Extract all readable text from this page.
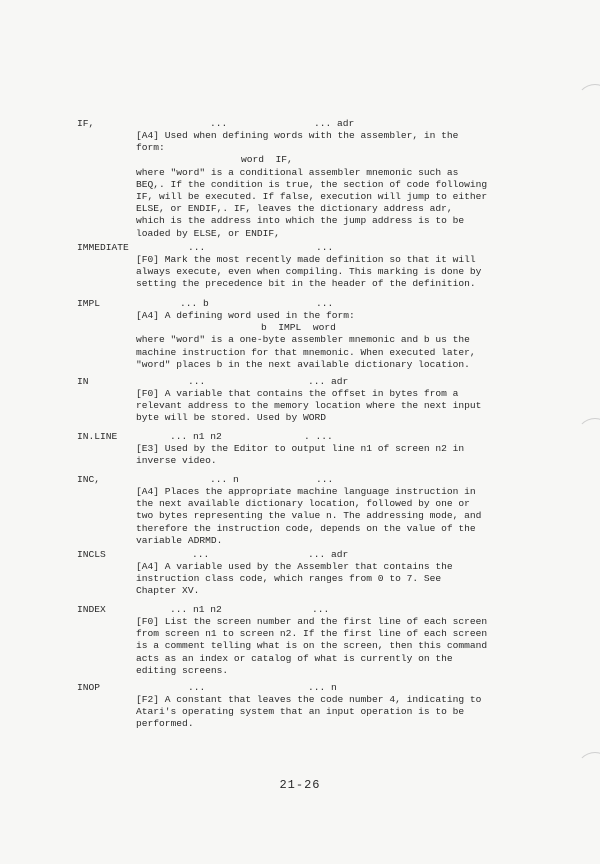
IF,	...	... adr

[A4] Used when defining words with the assembler, in the

form:

word  IF,

where "word" is a conditional assembler mnemonic such as

BEQ,. If the condition is true, the section of code following

IF, will be executed. If false, execution will jump to either

ELSE, or ENDIF,. IF, leaves the dictionary address adr,

which is the address into which the jump address is to be

loaded by ELSE, or ENDIF,

IMMEDIATE	...	...

[F0] Mark the most recently made definition so that it will

always execute, even when compiling. This marking is done by

setting the precedence bit in the header of the definition.

IMPL	... b	...

[A4] A defining word used in the form:

b  IMPL  word

where "word" is a one-byte assembler mnemonic and b us the

machine instruction for that mnemonic. When executed later,

"word" places b in the next available dictionary location.

IN	...	... adr

[F0] A variable that contains the offset in bytes from a

relevant address to the memory location where the next input

byte will be stored. Used by WORD

IN.LINE	... n1 n2	. ...

[E3] Used by the Editor to output line n1 of screen n2 in

inverse video.

INC,	... n	...

[A4] Places the appropriate machine language instruction in

the next available dictionary location, followed by one or

two bytes representing the value n. The addressing mode, and

therefore the instruction code, depends on the value of the

variable ADRMD.

INCLS	...	... adr

[A4] A variable used by the Assembler that contains the

instruction class code, which ranges from 0 to 7. See

Chapter XV.

INDEX	... n1 n2	...

[F0] List the screen number and the first line of each screen

from screen n1 to screen n2. If the first line of each screen

is a comment telling what is on the screen, then this command

acts as an index or catalog of what is currently on the

editing screens.

INOP	...	... n

[F2] A constant that leaves the code number 4, indicating to

Atari's operating system that an input operation is to be

performed.

21-26
